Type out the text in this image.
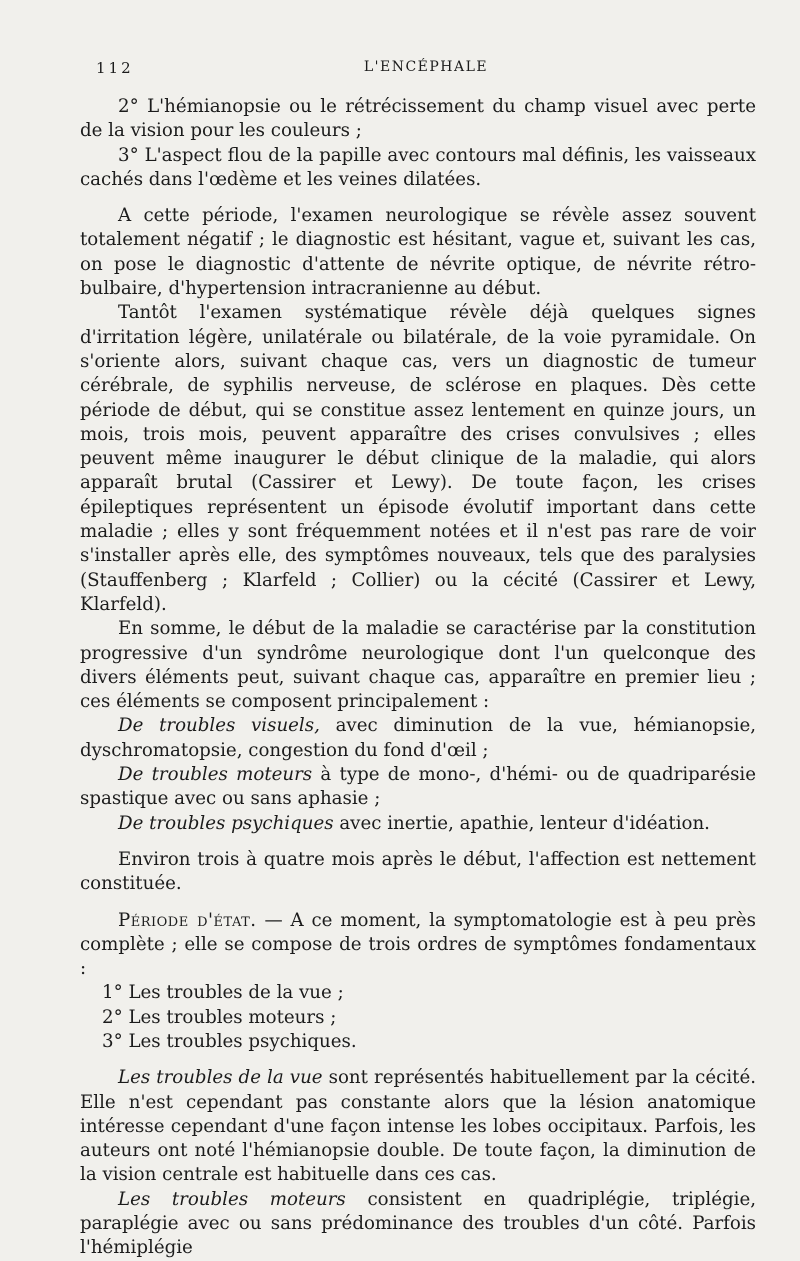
112	L'ENCÉPHALE

2° L'hémianopsie ou le rétrécissement du champ visuel avec perte de la vision pour les couleurs ;

3° L'aspect flou de la papille avec contours mal définis, les vaisseaux cachés dans l'œdème et les veines dilatées.

A cette période, l'examen neurologique se révèle assez souvent totalement négatif ; le diagnostic est hésitant, vague et, suivant les cas, on pose le diagnostic d'attente de névrite optique, de névrite rétro-bulbaire, d'hypertension intracranienne au début.

Tantôt l'examen systématique révèle déjà quelques signes d'irritation légère, unilatérale ou bilatérale, de la voie pyramidale. On s'oriente alors, suivant chaque cas, vers un diagnostic de tumeur cérébrale, de syphilis nerveuse, de sclérose en plaques. Dès cette période de début, qui se constitue assez lentement en quinze jours, un mois, trois mois, peuvent apparaître des crises convulsives ; elles peuvent même inaugurer le début clinique de la maladie, qui alors apparaît brutal (Cassirer et Lewy). De toute façon, les crises épileptiques représentent un épisode évolutif important dans cette maladie ; elles y sont fréquemment notées et il n'est pas rare de voir s'installer après elle, des symptômes nouveaux, tels que des paralysies (Stauffenberg ; Klarfeld ; Collier) ou la cécité (Cassirer et Lewy, Klarfeld).

En somme, le début de la maladie se caractérise par la constitution progressive d'un syndrôme neurologique dont l'un quelconque des divers éléments peut, suivant chaque cas, apparaître en premier lieu ; ces éléments se composent principalement :

De troubles visuels, avec diminution de la vue, hémianopsie, dyschromatopsie, congestion du fond d'œil ;

De troubles moteurs à type de mono-, d'hémi- ou de quadriparésie spastique avec ou sans aphasie ;

De troubles psychiques avec inertie, apathie, lenteur d'idéation.

Environ trois à quatre mois après le début, l'affection est nettement constituée.

Période d'état. — A ce moment, la symptomatologie est à peu près complète ; elle se compose de trois ordres de symptômes fondamentaux :

1° Les troubles de la vue ;

2° Les troubles moteurs ;

3° Les troubles psychiques.

Les troubles de la vue sont représentés habituellement par la cécité. Elle n'est cependant pas constante alors que la lésion anatomique intéresse cependant d'une façon intense les lobes occipitaux. Parfois, les auteurs ont noté l'hémianopsie double. De toute façon, la diminution de la vision centrale est habituelle dans ces cas.

Les troubles moteurs consistent en quadriplégie, triplégie, paraplégie avec ou sans prédominance des troubles d'un côté. Parfois l'hémiplégie
